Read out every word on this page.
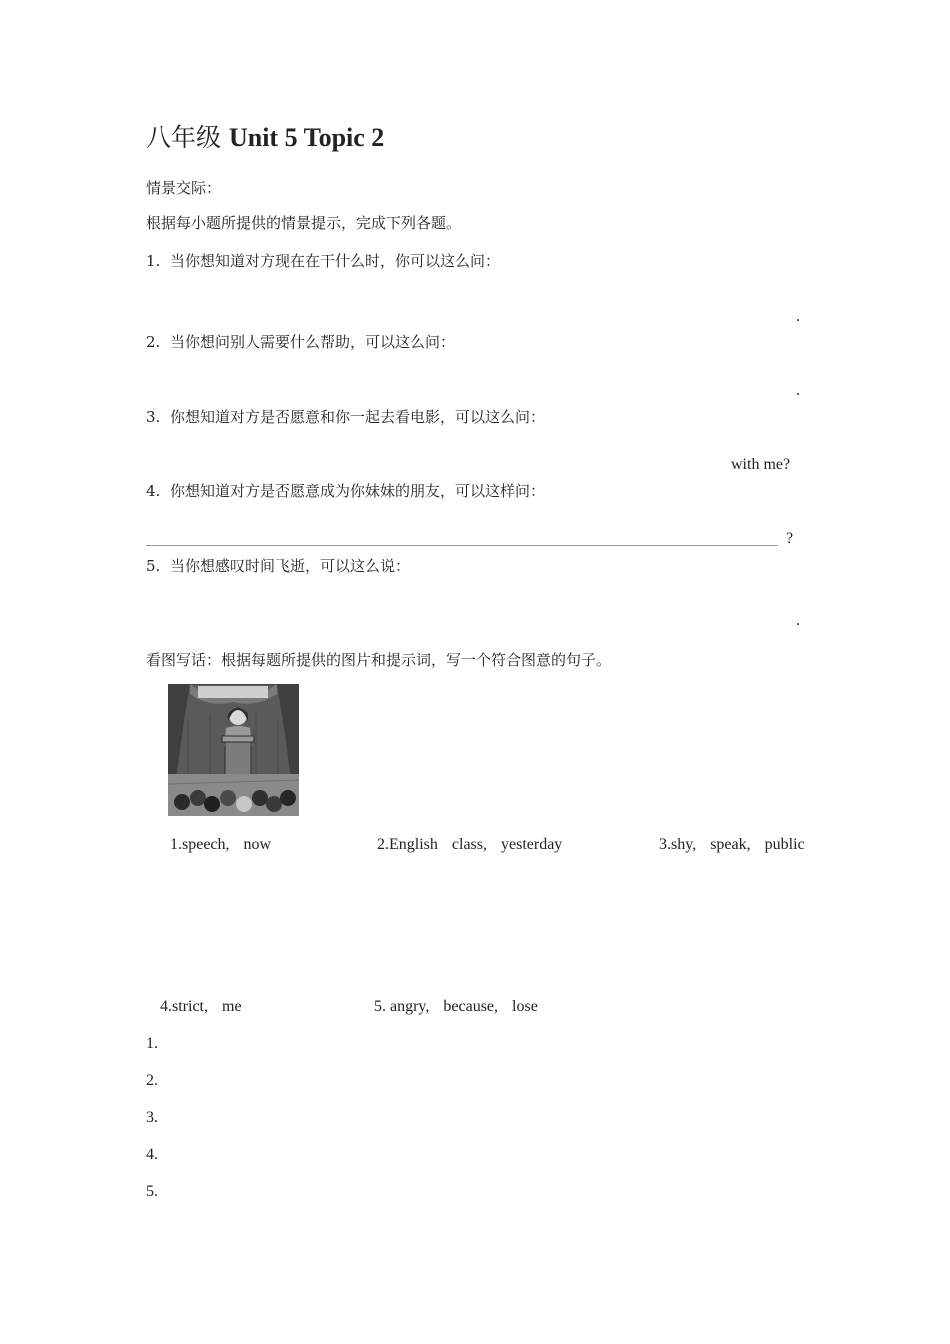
八年级 Unit 5 Topic 2
情景交际：
根据每小题所提供的情景提示，完成下列各题。
1. 当你想知道对方现在在干什么时，你可以这么问：
.
2. 当你想问别人需要什么帮助，可以这么问：
.
3. 你想知道对方是否愿意和你一起去看电影，可以这么问：
with me?
4. 你想知道对方是否愿意成为你妹妹的朋友，可以这样问：
?
5. 当你想感叹时间飞逝，可以这么说：
.
看图写话：根据每题所提供的图片和提示词，写一个符合图意的句子。
1.speech, now	2.English class, yesterday	3.shy, speak, public
4.strict, me	5. angry, because, lose
1.
2.
3.
4.
5.
